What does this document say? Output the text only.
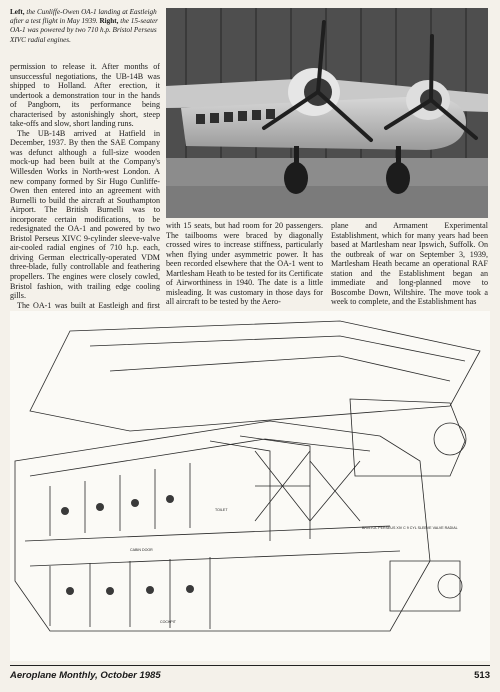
Left, the Cunliffe-Owen OA-1 landing at Eastleigh after a test flight in May 1939. Right, the 15-seater OA-1 was powered by two 710 h.p. Bristol Perseus XIVC radial engines.

permission to release it. After months of unsuccessful negotiations, the UB-14B was shipped to Holland. After erection, it undertook a demonstration tour in the hands of Pangborn, its performance being characterised by astonishingly short, steep take-offs and slow, short landing runs.

The UB-14B arrived at Hatfield in December, 1937. By then the SAE Company was defunct although a full-size wooden mock-up had been built at the Company's Willesden Works in North-west London. A new company formed by Sir Hugo Cunliffe-Owen then entered into an agreement with Burnelli to build the aircraft at Southampton Airport. The British Burnelli was to incorporate certain modifications, to be redesignated the OA-1 and powered by two Bristol Perseus XIVC 9-cylinder sleeve-valve air-cooled radial engines of 710 h.p. each, driving German electrically-operated VDM three-blade, fully controllable and feathering propellers. The engines were closely cowled, Bristol fashion, with trailing edge cooling gills.

The OA-1 was built at Eastleigh and first

with 15 seats, but had room for 20 passengers. The tailbooms were braced by diagonally crossed wires to increase stiffness, particularly when flying under asymmetric power. It has been recorded elsewhere that the OA-1 went to Martlesham Heath to be tested for its Certificate of Airworthiness in 1940. The date is a little misleading. It was customary in those days for all aircraft to be tested by the Aero-

plane and Armament Experimental Establishment, which for many years had been based at Martlesham near Ipswich, Suffolk. On the outbreak of war on September 3, 1939, Martlesham Heath became an operational RAF station and the Establishment began an immediate and long-planned move to Boscombe Down, Wiltshire. The move took a week to complete, and the Establishment has

BRISTOL PERSEUS XIV C 9 CYL SLEEVE VALVE RADIAL
CABIN DOOR
TOILET
COCKPIT
Aeroplane Monthly, October 1985	513
